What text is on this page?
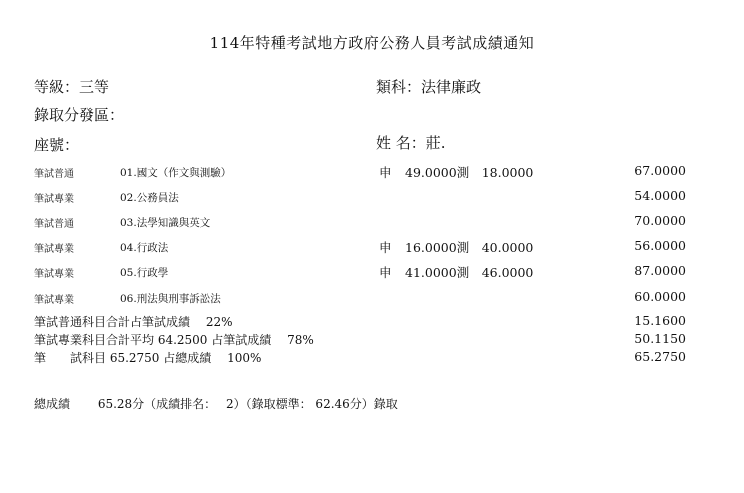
114年特種考試地方政府公務人員考試成績通知
等級：三等	類科：法律廉政
錄取分發區：
座號：	姓 名：莊.
筆試普通	01.國文（作文與測驗）	申 49.0000測　18.0000	67.0000
筆試專業	02.公務員法	54.0000
筆試普通	03.法學知識與英文	70.0000
筆試專業	04.行政法	申 16.0000測　40.0000	56.0000
筆試專業	05.行政學	申 41.0000測　46.0000	87.0000
筆試專業	06.刑法與刑事訴訟法	60.0000
筆試普通科目合計占筆試成績　 22%	15.1600
筆試專業科目合計平均 64.2500 占筆試成績　 78%	50.1150
筆　　試科目 65.2750 占總成績　 100%	65.2750
總成績　　 65.28分（成績排名：　 2）（錄取標準： 62.46分）錄取
